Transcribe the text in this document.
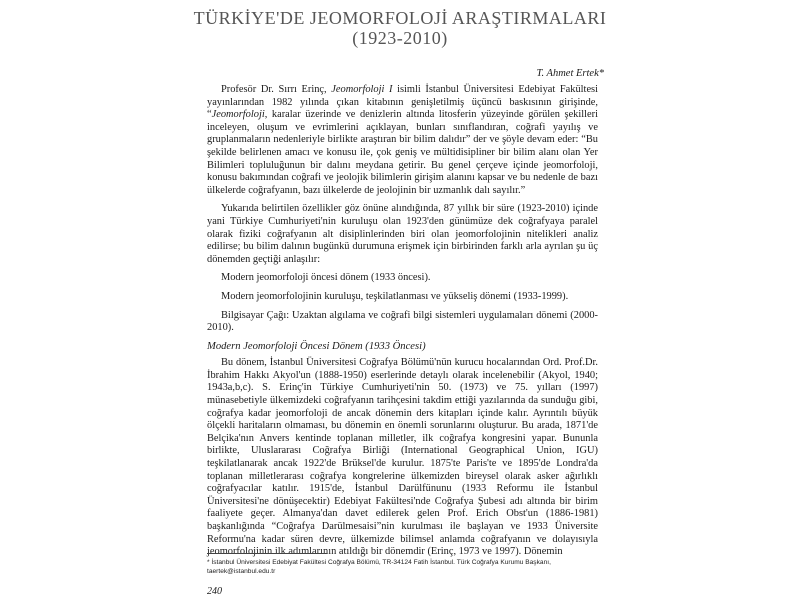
TÜRKİYE'DE JEOMORFOLOJİ ARAŞTIRMALARI
(1923-2010)
T. Ahmet Ertek*

Profesör Dr. Sırrı Erinç, Jeomorfoloji I isimli İstanbul Üniversitesi Edebiyat Fakültesi yayınlarından 1982 yılında çıkan kitabının genişletilmiş üçüncü baskısının girişinde, “Jeomorfoloji, karalar üzerinde ve denizlerin altında litosferin yüzeyinde görülen şekilleri inceleyen, oluşum ve evrimlerini açıklayan, bunları sınıflandıran, coğrafi yayılış ve gruplanmaların nedenleriyle birlikte araştıran bir bilim dalıdır” der ve şöyle devam eder: “Bu şekilde belirlenen amacı ve konusu ile, çok geniş ve mültidisipliner bir bilim alanı olan Yer Bilimleri topluluğunun bir dalını meydana getirir. Bu genel çerçeve içinde jeomorfoloji, konusu bakımından coğrafi ve jeolojik bilimlerin girişim alanını kapsar ve bu nedenle de bazı ülkelerde coğrafyanın, bazı ülkelerde de jeolojinin bir uzmanlık dalı sayılır.”

Yukarıda belirtilen özellikler göz önüne alındığında, 87 yıllık bir süre (1923-2010) içinde yani Türkiye Cumhuriyeti'nin kuruluşu olan 1923'den günümüze dek coğrafyaya paralel olarak fiziki coğrafyanın alt disiplinlerinden biri olan jeomorfolojinin nitelikleri analiz edilirse; bu bilim dalının bugünkü durumuna erişmek için birbirinden farklı arla ayrılan şu üç dönemden geçtiği anlaşılır:

Modern jeomorfoloji öncesi dönem (1933 öncesi).

Modern jeomorfolojinin kuruluşu, teşkilatlanması ve yükseliş dönemi (1933-1999).

Bilgisayar Çağı: Uzaktan algılama ve coğrafi bilgi sistemleri uygulamaları dönemi (2000-2010).

Modern Jeomorfoloji Öncesi Dönem (1933 Öncesi)

Bu dönem, İstanbul Üniversitesi Coğrafya Bölümü'nün kurucu hocalarından Ord. Prof.Dr. İbrahim Hakkı Akyol'un (1888-1950) eserlerinde detaylı olarak incelenebilir (Akyol, 1940; 1943a,b,c). S. Erinç'in Türkiye Cumhuriyeti'nin 50. (1973) ve 75. yılları (1997) münasebetiyle ülkemizdeki coğrafyanın tarihçesini takdim ettiği yazılarında da sunduğu gibi, coğrafya kadar jeomorfoloji de ancak dönemin ders kitapları içinde kalır. Ayrıntılı büyük ölçekli haritaların olmaması, bu dönemin en önemli sorunlarını oluşturur. Bu arada, 1871'de Belçika'nın Anvers kentinde toplanan milletler, ilk coğrafya kongresini yapar. Bununla birlikte, Uluslararası Coğrafya Birliği (International Geographical Union, IGU) teşkilatlanarak ancak 1922'de Brüksel'de kurulur. 1875'te Paris'te ve 1895'de Londra'da toplanan milletlerarası coğrafya kongrelerine ülkemizden bireysel olarak asker ağırlıklı coğrafyacılar katılır. 1915'de, İstanbul Darülfünunu (1933 Reformu ile İstanbul Üniversitesi'ne dönüşecektir) Edebiyat Fakültesi'nde Coğrafya Şubesi adı altında bir birim faaliyete geçer. Almanya'dan davet edilerek gelen Prof. Erich Obst'un (1886-1981) başkanlığında “Coğrafya Darülmesaisi”nin kurulması ile başlayan ve 1933 Üniversite Reformu'na kadar süren devre, ülkemizde bilimsel anlamda coğrafyanın ve dolayısıyla jeomorfolojinin ilk adımlarının atıldığı bir dönemdir (Erinç, 1973 ve 1997). Dönemin

* İstanbul Üniversitesi Edebiyat Fakültesi Coğrafya Bölümü, TR-34124 Fatih İstanbul. Türk Coğrafya Kurumu Başkanı,
taertek@istanbul.edu.tr
240
